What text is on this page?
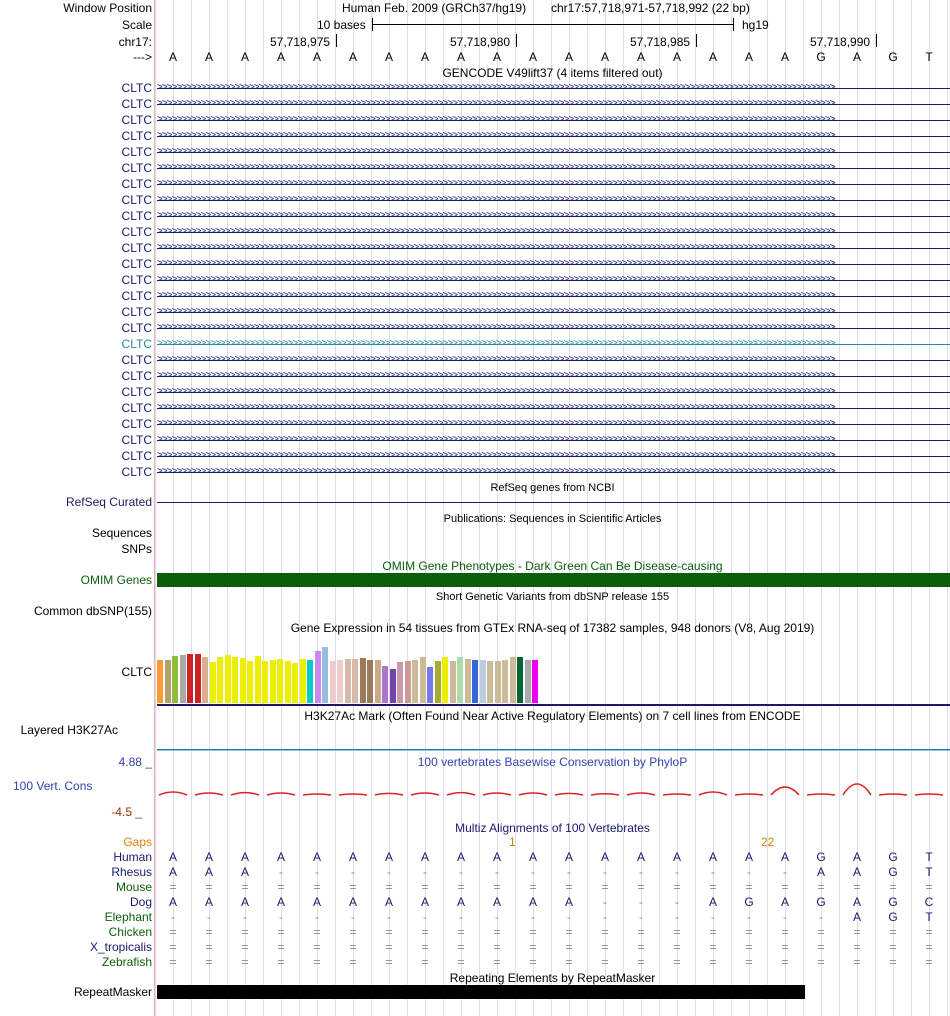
Window Position	Human Feb. 2009 (GRCh37/hg19) chr17:57,718,971-57,718,992 (22 bp)
Scale	10 bases	hg19
chr17:	57,718,975	57,718,980	57,718,985	57,718,990
---> A A A A A A A A A A A A A A A A A A G A G T
GENCODE V49lift37 (4 items filtered out)
CLTC >>>>>>>>>>>>>>>>>>>>>>>>>>>>>>>>>>>>>>>>>>>>>>>>>>>>>>>>>>>>>>>>>>>>>>>>>>>>>>>>>>>>>>>>>>>>>>>>>>>>>>>>>>>>>>>>>>>>>>>>>>>>>>>>>>>>>>>>>>>>
CLTC >>>>>>>>>>>>>>>>>>>>>>>>>>>>>>>>>>>>>>>>>>>>>>>>>>>>>>>>>>>>>>>>>>>>>>>>>>>>>>>>>>>>>>>>>>>>>>>>>>>>>>>>>>>>>>>>>>>>>>>>>>>>>>>>>>>>>>>>>>>>
CLTC >>>>>>>>>>>>>>>>>>>>>>>>>>>>>>>>>>>>>>>>>>>>>>>>>>>>>>>>>>>>>>>>>>>>>>>>>>>>>>>>>>>>>>>>>>>>>>>>>>>>>>>>>>>>>>>>>>>>>>>>>>>>>>>>>>>>>>>>>>>>
CLTC >>>>>>>>>>>>>>>>>>>>>>>>>>>>>>>>>>>>>>>>>>>>>>>>>>>>>>>>>>>>>>>>>>>>>>>>>>>>>>>>>>>>>>>>>>>>>>>>>>>>>>>>>>>>>>>>>>>>>>>>>>>>>>>>>>>>>>>>>>>>
CLTC >>>>>>>>>>>>>>>>>>>>>>>>>>>>>>>>>>>>>>>>>>>>>>>>>>>>>>>>>>>>>>>>>>>>>>>>>>>>>>>>>>>>>>>>>>>>>>>>>>>>>>>>>>>>>>>>>>>>>>>>>>>>>>>>>>>>>>>>>>>>
CLTC >>>>>>>>>>>>>>>>>>>>>>>>>>>>>>>>>>>>>>>>>>>>>>>>>>>>>>>>>>>>>>>>>>>>>>>>>>>>>>>>>>>>>>>>>>>>>>>>>>>>>>>>>>>>>>>>>>>>>>>>>>>>>>>>>>>>>>>>>>>>
CLTC >>>>>>>>>>>>>>>>>>>>>>>>>>>>>>>>>>>>>>>>>>>>>>>>>>>>>>>>>>>>>>>>>>>>>>>>>>>>>>>>>>>>>>>>>>>>>>>>>>>>>>>>>>>>>>>>>>>>>>>>>>>>>>>>>>>>>>>>>>>>
CLTC >>>>>>>>>>>>>>>>>>>>>>>>>>>>>>>>>>>>>>>>>>>>>>>>>>>>>>>>>>>>>>>>>>>>>>>>>>>>>>>>>>>>>>>>>>>>>>>>>>>>>>>>>>>>>>>>>>>>>>>>>>>>>>>>>>>>>>>>>>>>
CLTC >>>>>>>>>>>>>>>>>>>>>>>>>>>>>>>>>>>>>>>>>>>>>>>>>>>>>>>>>>>>>>>>>>>>>>>>>>>>>>>>>>>>>>>>>>>>>>>>>>>>>>>>>>>>>>>>>>>>>>>>>>>>>>>>>>>>>>>>>>>>
CLTC >>>>>>>>>>>>>>>>>>>>>>>>>>>>>>>>>>>>>>>>>>>>>>>>>>>>>>>>>>>>>>>>>>>>>>>>>>>>>>>>>>>>>>>>>>>>>>>>>>>>>>>>>>>>>>>>>>>>>>>>>>>>>>>>>>>>>>>>>>>>
CLTC >>>>>>>>>>>>>>>>>>>>>>>>>>>>>>>>>>>>>>>>>>>>>>>>>>>>>>>>>>>>>>>>>>>>>>>>>>>>>>>>>>>>>>>>>>>>>>>>>>>>>>>>>>>>>>>>>>>>>>>>>>>>>>>>>>>>>>>>>>>>
CLTC >>>>>>>>>>>>>>>>>>>>>>>>>>>>>>>>>>>>>>>>>>>>>>>>>>>>>>>>>>>>>>>>>>>>>>>>>>>>>>>>>>>>>>>>>>>>>>>>>>>>>>>>>>>>>>>>>>>>>>>>>>>>>>>>>>>>>>>>>>>>
CLTC >>>>>>>>>>>>>>>>>>>>>>>>>>>>>>>>>>>>>>>>>>>>>>>>>>>>>>>>>>>>>>>>>>>>>>>>>>>>>>>>>>>>>>>>>>>>>>>>>>>>>>>>>>>>>>>>>>>>>>>>>>>>>>>>>>>>>>>>>>>>
CLTC >>>>>>>>>>>>>>>>>>>>>>>>>>>>>>>>>>>>>>>>>>>>>>>>>>>>>>>>>>>>>>>>>>>>>>>>>>>>>>>>>>>>>>>>>>>>>>>>>>>>>>>>>>>>>>>>>>>>>>>>>>>>>>>>>>>>>>>>>>>>
CLTC >>>>>>>>>>>>>>>>>>>>>>>>>>>>>>>>>>>>>>>>>>>>>>>>>>>>>>>>>>>>>>>>>>>>>>>>>>>>>>>>>>>>>>>>>>>>>>>>>>>>>>>>>>>>>>>>>>>>>>>>>>>>>>>>>>>>>>>>>>>>
CLTC >>>>>>>>>>>>>>>>>>>>>>>>>>>>>>>>>>>>>>>>>>>>>>>>>>>>>>>>>>>>>>>>>>>>>>>>>>>>>>>>>>>>>>>>>>>>>>>>>>>>>>>>>>>>>>>>>>>>>>>>>>>>>>>>>>>>>>>>>>>>
CLTC >>>>>>>>>>>>>>>>>>>>>>>>>>>>>>>>>>>>>>>>>>>>>>>>>>>>>>>>>>>>>>>>>>>>>>>>>>>>>>>>>>>>>>>>>>>>>>>>>>>>>>>>>>>>>>>>>>>>>>>>>>>>>>>>>>>>>>>>>>>>
CLTC >>>>>>>>>>>>>>>>>>>>>>>>>>>>>>>>>>>>>>>>>>>>>>>>>>>>>>>>>>>>>>>>>>>>>>>>>>>>>>>>>>>>>>>>>>>>>>>>>>>>>>>>>>>>>>>>>>>>>>>>>>>>>>>>>>>>>>>>>>>>
CLTC >>>>>>>>>>>>>>>>>>>>>>>>>>>>>>>>>>>>>>>>>>>>>>>>>>>>>>>>>>>>>>>>>>>>>>>>>>>>>>>>>>>>>>>>>>>>>>>>>>>>>>>>>>>>>>>>>>>>>>>>>>>>>>>>>>>>>>>>>>>>
CLTC >>>>>>>>>>>>>>>>>>>>>>>>>>>>>>>>>>>>>>>>>>>>>>>>>>>>>>>>>>>>>>>>>>>>>>>>>>>>>>>>>>>>>>>>>>>>>>>>>>>>>>>>>>>>>>>>>>>>>>>>>>>>>>>>>>>>>>>>>>>>
CLTC >>>>>>>>>>>>>>>>>>>>>>>>>>>>>>>>>>>>>>>>>>>>>>>>>>>>>>>>>>>>>>>>>>>>>>>>>>>>>>>>>>>>>>>>>>>>>>>>>>>>>>>>>>>>>>>>>>>>>>>>>>>>>>>>>>>>>>>>>>>>
CLTC >>>>>>>>>>>>>>>>>>>>>>>>>>>>>>>>>>>>>>>>>>>>>>>>>>>>>>>>>>>>>>>>>>>>>>>>>>>>>>>>>>>>>>>>>>>>>>>>>>>>>>>>>>>>>>>>>>>>>>>>>>>>>>>>>>>>>>>>>>>>
CLTC >>>>>>>>>>>>>>>>>>>>>>>>>>>>>>>>>>>>>>>>>>>>>>>>>>>>>>>>>>>>>>>>>>>>>>>>>>>>>>>>>>>>>>>>>>>>>>>>>>>>>>>>>>>>>>>>>>>>>>>>>>>>>>>>>>>>>>>>>>>>
CLTC >>>>>>>>>>>>>>>>>>>>>>>>>>>>>>>>>>>>>>>>>>>>>>>>>>>>>>>>>>>>>>>>>>>>>>>>>>>>>>>>>>>>>>>>>>>>>>>>>>>>>>>>>>>>>>>>>>>>>>>>>>>>>>>>>>>>>>>>>>>>
CLTC >>>>>>>>>>>>>>>>>>>>>>>>>>>>>>>>>>>>>>>>>>>>>>>>>>>>>>>>>>>>>>>>>>>>>>>>>>>>>>>>>>>>>>>>>>>>>>>>>>>>>>>>>>>>>>>>>>>>>>>>>>>>>>>>>>>>>>>>>>>>
RefSeq genes from NCBI
RefSeq Curated
Publications: Sequences in Scientific Articles
Sequences
SNPs
OMIM Gene Phenotypes - Dark Green Can Be Disease-causing
OMIM Genes
Short Genetic Variants from dbSNP release 155
Common dbSNP(155)
Gene Expression in 54 tissues from GTEx RNA-seq of 17382 samples, 948 donors (V8, Aug 2019)
CLTC
H3K27Ac Mark (Often Found Near Active Regulatory Elements) on 7 cell lines from ENCODE
Layered H3K27Ac
100 vertebrates Basewise Conservation by PhyloP
4.88 _
100 Vert. Cons
-4.5 _
Multiz Alignments of 100 Vertebrates
Gaps	1	22
Human A A A A A A A A A A A A A A A A A A G A G T
Rhesus A A A	-	-	-	-	-	-	-	-	-	-	-	-	-	-	-	A A G T
Mouse = = = = = = = = = = = = = = = = = = = = = =
Dog A A A A A A A A A A A A	-	-	-	A G A G A G C
Elephant	-	-	-	-	-	-	-	-	-	-	-	-	-	-	-	-	-	-	-	A G T
Chicken = = = = = = = = = = = = = = = = = = = = = =
X_tropicalis = = = = = = = = = = = = = = = = = = = = = =
Zebrafish = = = = = = = = = = = = = = = = = = = = = =
Repeating Elements by RepeatMasker
RepeatMasker
